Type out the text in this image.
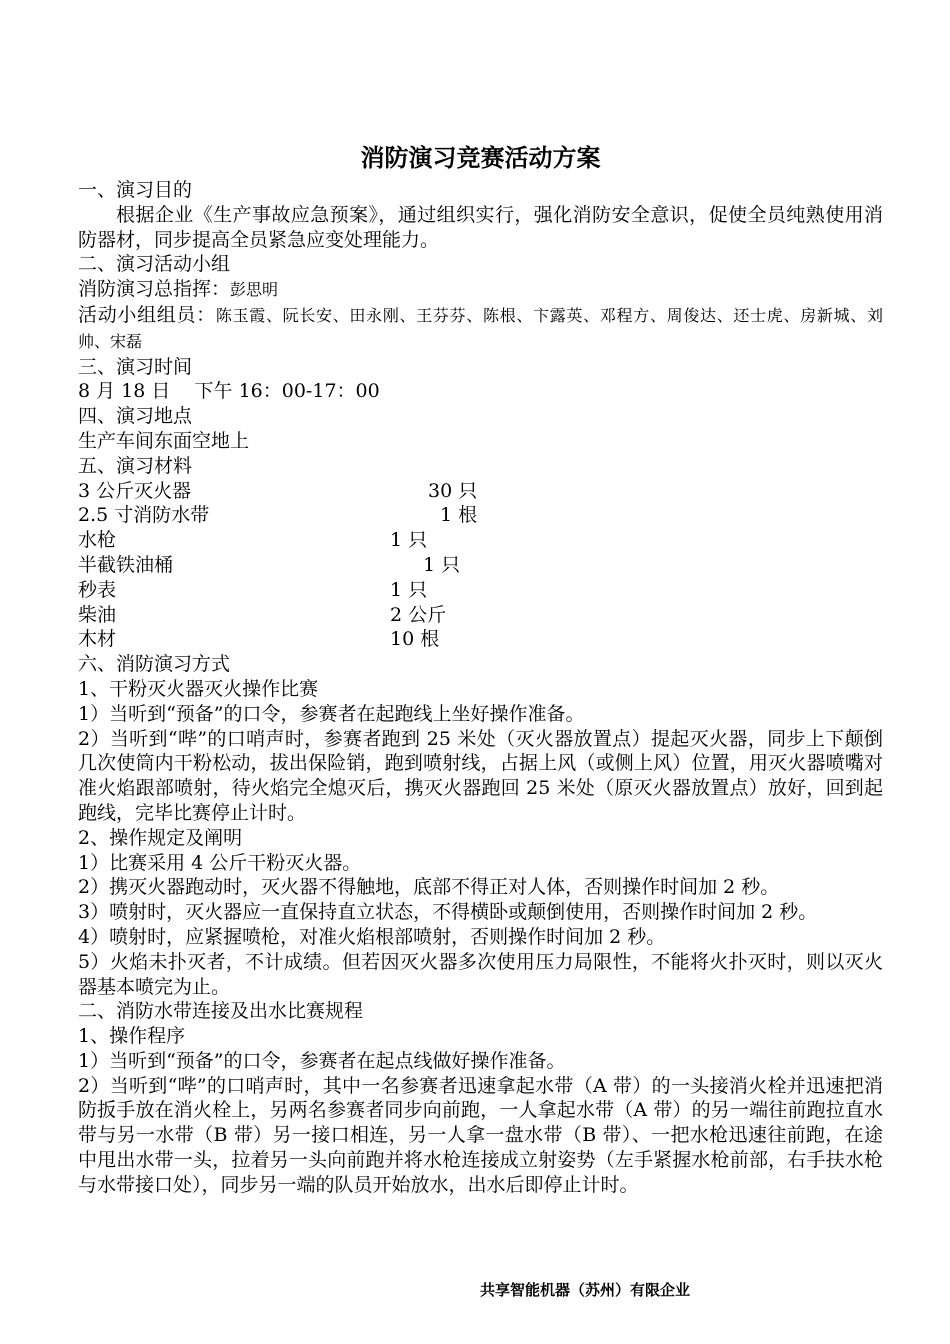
消防演习竞赛活动方案
一、演习目的
根据企业《生产事故应急预案》，通过组织实行，强化消防安全意识，促使全员纯熟使用消防器材，同步提高全员紧急应变处理能力。
二、演习活动小组
消防演习总指挥：彭思明
活动小组组员：陈玉霞、阮长安、田永刚、王芬芬、陈根、卞露英、邓程方、周俊达、还士虎、房新城、刘帅、宋磊
三、演习时间
8 月 18 日    下午 16：00-17：00
四、演习地点
生产车间东面空地上
五、演习材料
3 公斤灭火器	30 只
2.5 寸消防水带	1 根
水枪	1 只
半截铁油桶	1 只
秒表	1 只
柴油	2 公斤
木材	10 根
六、消防演习方式
1、干粉灭火器灭火操作比赛
1）当听到“预备”的口令，参赛者在起跑线上坐好操作准备。
2）当听到“哔”的口哨声时，参赛者跑到 25 米处（灭火器放置点）提起灭火器，同步上下颠倒几次使筒内干粉松动，拔出保险销，跑到喷射线，占据上风（或侧上风）位置，用灭火器喷嘴对准火焰跟部喷射，待火焰完全熄灭后，携灭火器跑回 25 米处（原灭火器放置点）放好，回到起跑线，完毕比赛停止计时。
2、操作规定及阐明
1）比赛采用 4 公斤干粉灭火器。
2）携灭火器跑动时，灭火器不得触地，底部不得正对人体，否则操作时间加 2 秒。
3）喷射时，灭火器应一直保持直立状态，不得横卧或颠倒使用，否则操作时间加 2 秒。
4）喷射时，应紧握喷枪，对准火焰根部喷射，否则操作时间加 2 秒。
5）火焰未扑灭者，不计成绩。但若因灭火器多次使用压力局限性，不能将火扑灭时，则以灭火器基本喷完为止。
二、消防水带连接及出水比赛规程
1、操作程序
1）当听到“预备”的口令，参赛者在起点线做好操作准备。
2）当听到“哔”的口哨声时，其中一名参赛者迅速拿起水带（A 带）的一头接消火栓并迅速把消防扳手放在消火栓上，另两名参赛者同步向前跑，一人拿起水带（A 带）的另一端往前跑拉直水带与另一水带（B 带）另一接口相连，另一人拿一盘水带（B 带）、一把水枪迅速往前跑，在途中甩出水带一头，拉着另一头向前跑并将水枪连接成立射姿势（左手紧握水枪前部，右手扶水枪与水带接口处），同步另一端的队员开始放水，出水后即停止计时。
共享智能机器（苏州）有限企业
